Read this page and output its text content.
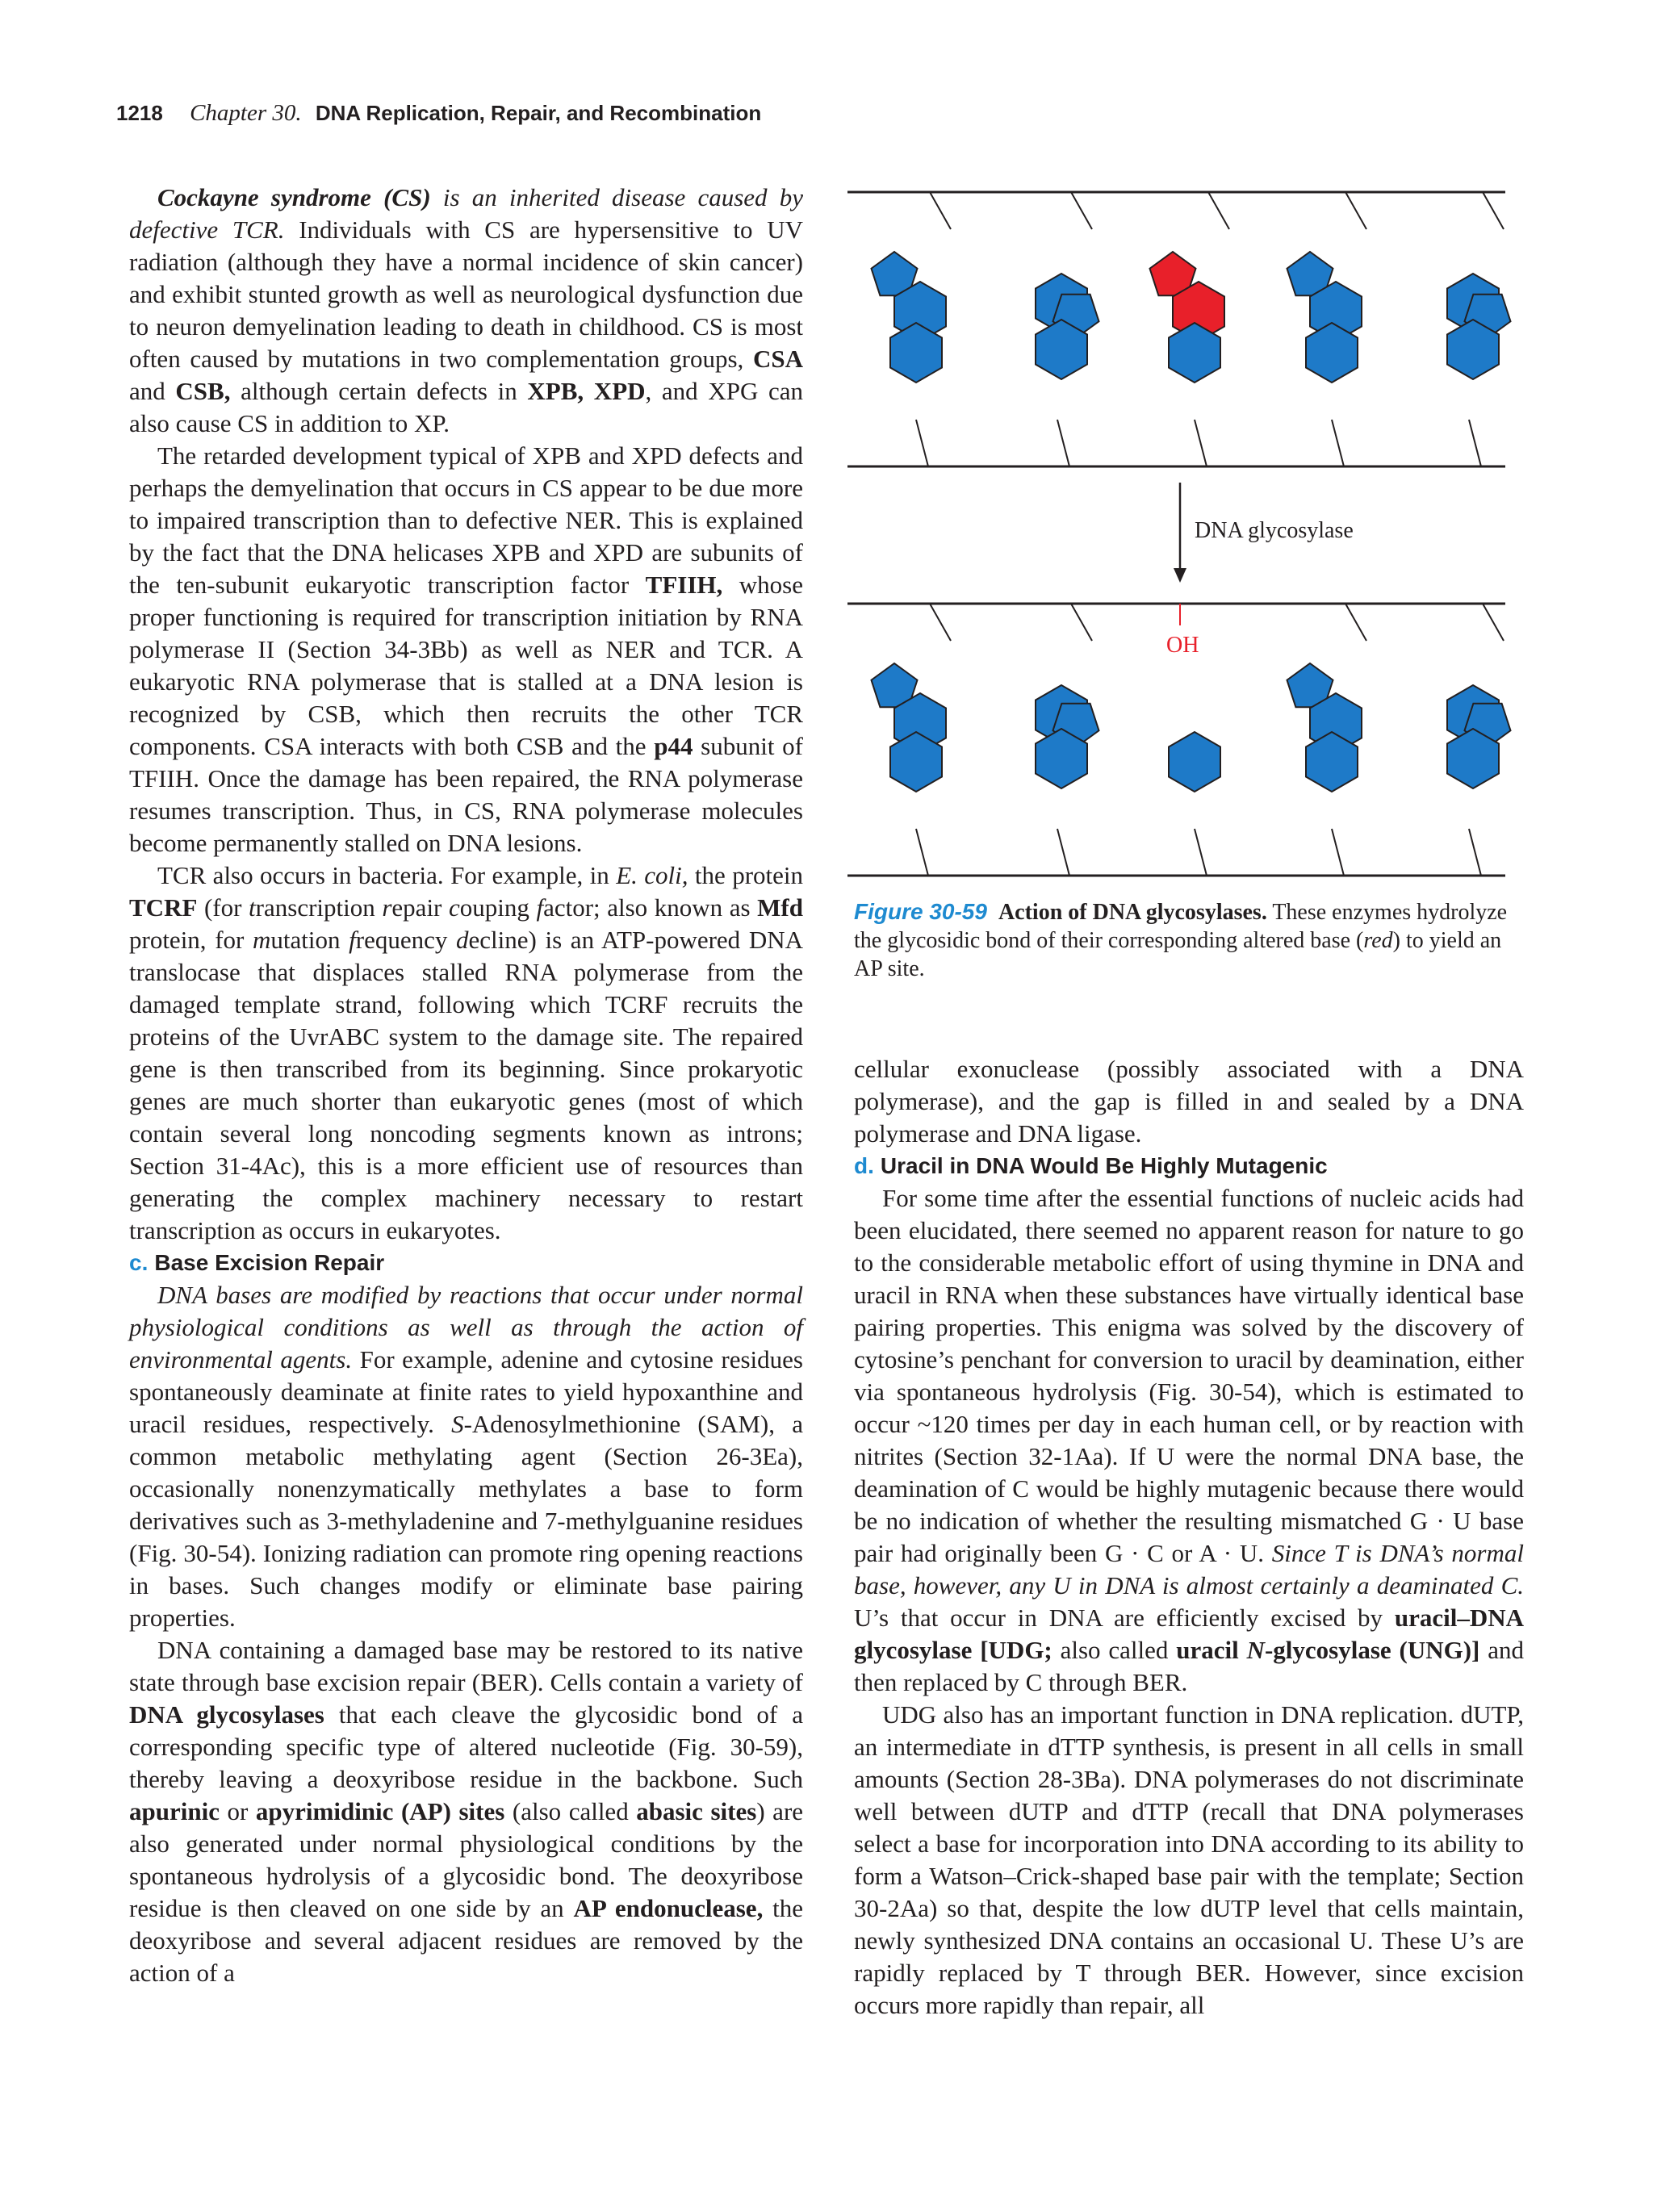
1218 Chapter 30. DNA Replication, Repair, and Recombination

Cockayne syndrome (CS) is an inherited disease caused by defective TCR. Individuals with CS are hypersensitive to UV radiation (although they have a normal incidence of skin cancer) and exhibit stunted growth as well as neurological dysfunction due to neuron demyelination leading to death in childhood. CS is most often caused by mutations in two complementation groups, CSA and CSB, although certain defects in XPB, XPD, and XPG can also cause CS in addition to XP.

The retarded development typical of XPB and XPD defects and perhaps the demyelination that occurs in CS appear to be due more to impaired transcription than to defective NER. This is explained by the fact that the DNA helicases XPB and XPD are subunits of the ten-subunit eukaryotic transcription factor TFIIH, whose proper functioning is required for transcription initiation by RNA polymerase II (Section 34-3Bb) as well as NER and TCR. A eukaryotic RNA polymerase that is stalled at a DNA lesion is recognized by CSB, which then recruits the other TCR components. CSA interacts with both CSB and the p44 subunit of TFIIH. Once the damage has been repaired, the RNA polymerase resumes transcription. Thus, in CS, RNA polymerase molecules become permanently stalled on DNA lesions.

TCR also occurs in bacteria. For example, in E. coli, the protein TCRF (for transcription repair couping factor; also known as Mfd protein, for mutation frequency decline) is an ATP-powered DNA translocase that displaces stalled RNA polymerase from the damaged template strand, following which TCRF recruits the proteins of the UvrABC system to the damage site. The repaired gene is then transcribed from its beginning. Since prokaryotic genes are much shorter than eukaryotic genes (most of which contain several long noncoding segments known as introns; Section 31-4Ac), this is a more efficient use of resources than generating the complex machinery necessary to restart transcription as occurs in eukaryotes.

c. Base Excision Repair

DNA bases are modified by reactions that occur under normal physiological conditions as well as through the action of environmental agents. For example, adenine and cytosine residues spontaneously deaminate at finite rates to yield hypoxanthine and uracil residues, respectively. S-Adenosylmethionine (SAM), a common metabolic methylating agent (Section 26-3Ea), occasionally nonenzymatically methylates a base to form derivatives such as 3-methyladenine and 7-methylguanine residues (Fig. 30-54). Ionizing radiation can promote ring opening reactions in bases. Such changes modify or eliminate base pairing properties.

DNA containing a damaged base may be restored to its native state through base excision repair (BER). Cells contain a variety of DNA glycosylases that each cleave the glycosidic bond of a corresponding specific type of altered nucleotide (Fig. 30-59), thereby leaving a deoxyribose residue in the backbone. Such apurinic or apyrimidinic (AP) sites (also called abasic sites) are also generated under normal physiological conditions by the spontaneous hydrolysis of a glycosidic bond. The deoxyribose residue is then cleaved on one side by an AP endonuclease, the deoxyribose and several adjacent residues are removed by the action of a

DNA glycosylase
OH
Figure 30-59 Action of DNA glycosylases. These enzymes hydrolyze the glycosidic bond of their corresponding altered base (red) to yield an AP site.

cellular exonuclease (possibly associated with a DNA polymerase), and the gap is filled in and sealed by a DNA polymerase and DNA ligase.

d. Uracil in DNA Would Be Highly Mutagenic

For some time after the essential functions of nucleic acids had been elucidated, there seemed no apparent reason for nature to go to the considerable metabolic effort of using thymine in DNA and uracil in RNA when these substances have virtually identical base pairing properties. This enigma was solved by the discovery of cytosine’s penchant for conversion to uracil by deamination, either via spontaneous hydrolysis (Fig. 30-54), which is estimated to occur ~120 times per day in each human cell, or by reaction with nitrites (Section 32-1Aa). If U were the normal DNA base, the deamination of C would be highly mutagenic because there would be no indication of whether the resulting mismatched G · U base pair had originally been G · C or A · U. Since T is DNA’s normal base, however, any U in DNA is almost certainly a deaminated C. U’s that occur in DNA are efficiently excised by uracil–DNA glycosylase [UDG; also called uracil N-glycosylase (UNG)] and then replaced by C through BER.

UDG also has an important function in DNA replication. dUTP, an intermediate in dTTP synthesis, is present in all cells in small amounts (Section 28-3Ba). DNA polymerases do not discriminate well between dUTP and dTTP (recall that DNA polymerases select a base for incorporation into DNA according to its ability to form a Watson–Crick-shaped base pair with the template; Section 30-2Aa) so that, despite the low dUTP level that cells maintain, newly synthesized DNA contains an occasional U. These U’s are rapidly replaced by T through BER. However, since excision occurs more rapidly than repair, all
